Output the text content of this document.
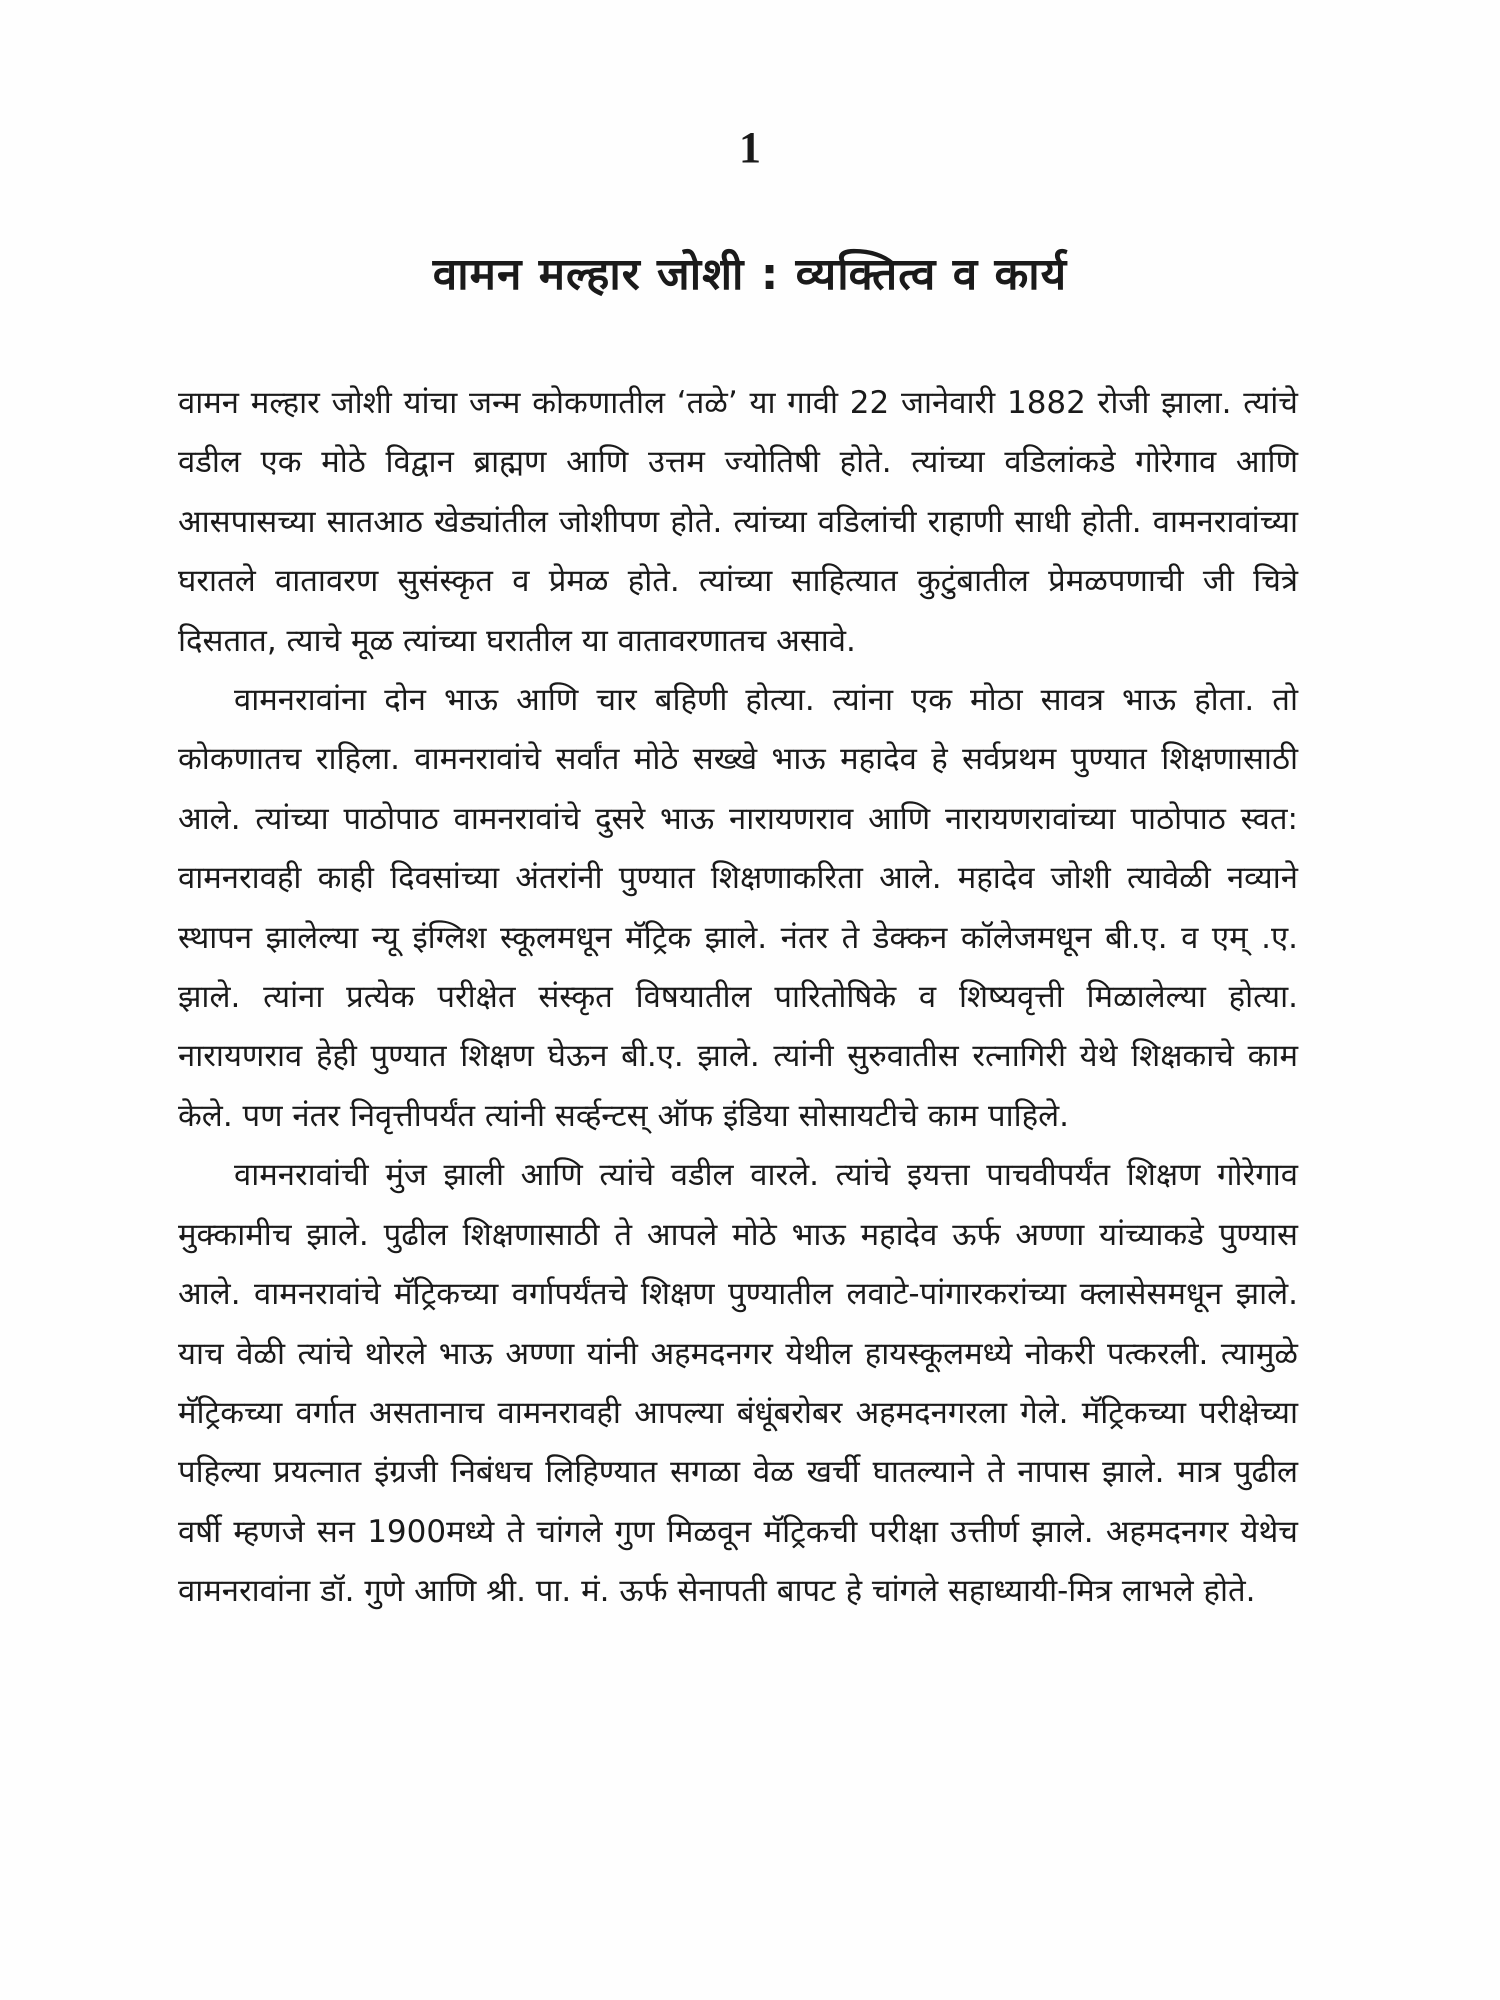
1
वामन मल्हार जोशी : व्यक्तित्व व कार्य

वामन मल्हार जोशी यांचा जन्म कोकणातील ‘तळे’ या गावी 22 जानेवारी 1882 रोजी झाला. त्यांचे वडील एक मोठे विद्वान ब्राह्मण आणि उत्तम ज्योतिषी होते. त्यांच्या वडिलांकडे गोरेगाव आणि आसपासच्या सातआठ खेड्यांतील जोशीपण होते. त्यांच्या वडिलांची राहाणी साधी होती. वामनरावांच्या घरातले वातावरण सुसंस्कृत व प्रेमळ होते. त्यांच्या साहित्यात कुटुंबातील प्रेमळपणाची जी चित्रे दिसतात, त्याचे मूळ त्यांच्या घरातील या वातावरणातच असावे.

वामनरावांना दोन भाऊ आणि चार बहिणी होत्या. त्यांना एक मोठा सावत्र भाऊ होता. तो कोकणातच राहिला. वामनरावांचे सर्वांत मोठे सख्खे भाऊ महादेव हे सर्वप्रथम पुण्यात शिक्षणासाठी आले. त्यांच्या पाठोपाठ वामनरावांचे दुसरे भाऊ नारायणराव आणि नारायणरावांच्या पाठोपाठ स्वत: वामनरावही काही दिवसांच्या अंतरांनी पुण्यात शिक्षणाकरिता आले. महादेव जोशी त्यावेळी नव्याने स्थापन झालेल्या न्यू इंग्लिश स्कूलमधून मॅट्रिक झाले. नंतर ते डेक्कन कॉलेजमधून बी.ए. व एम् .ए. झाले. त्यांना प्रत्येक परीक्षेत संस्कृत विषयातील पारितोषिके व शिष्यवृत्ती मिळालेल्या होत्या. नारायणराव हेही पुण्यात शिक्षण घेऊन बी.ए. झाले. त्यांनी सुरुवातीस रत्नागिरी येथे शिक्षकाचे काम केले. पण नंतर निवृत्तीपर्यंत त्यांनी सर्व्हन्टस् ऑफ इंडिया सोसायटीचे काम पाहिले.

वामनरावांची मुंज झाली आणि त्यांचे वडील वारले. त्यांचे इयत्ता पाचवीपर्यंत शिक्षण गोरेगाव मुक्कामीच झाले. पुढील शिक्षणासाठी ते आपले मोठे भाऊ महादेव ऊर्फ अण्णा यांच्याकडे पुण्यास आले. वामनरावांचे मॅट्रिकच्या वर्गापर्यंतचे शिक्षण पुण्यातील लवाटे-पांगारकरांच्या क्लासेसमधून झाले. याच वेळी त्यांचे थोरले भाऊ अण्णा यांनी अहमदनगर येथील हायस्कूलमध्ये नोकरी पत्करली. त्यामुळे मॅट्रिकच्या वर्गात असतानाच वामनरावही आपल्या बंधूंबरोबर अहमदनगरला गेले. मॅट्रिकच्या परीक्षेच्या पहिल्या प्रयत्नात इंग्रजी निबंधच लिहिण्यात सगळा वेळ खर्ची घातल्याने ते नापास झाले. मात्र पुढील वर्षी म्हणजे सन 1900मध्ये ते चांगले गुण मिळवून मॅट्रिकची परीक्षा उत्तीर्ण झाले. अहमदनगर येथेच वामनरावांना डॉ. गुणे आणि श्री. पा. मं. ऊर्फ सेनापती बापट हे चांगले सहाध्यायी-मित्र लाभले होते.
